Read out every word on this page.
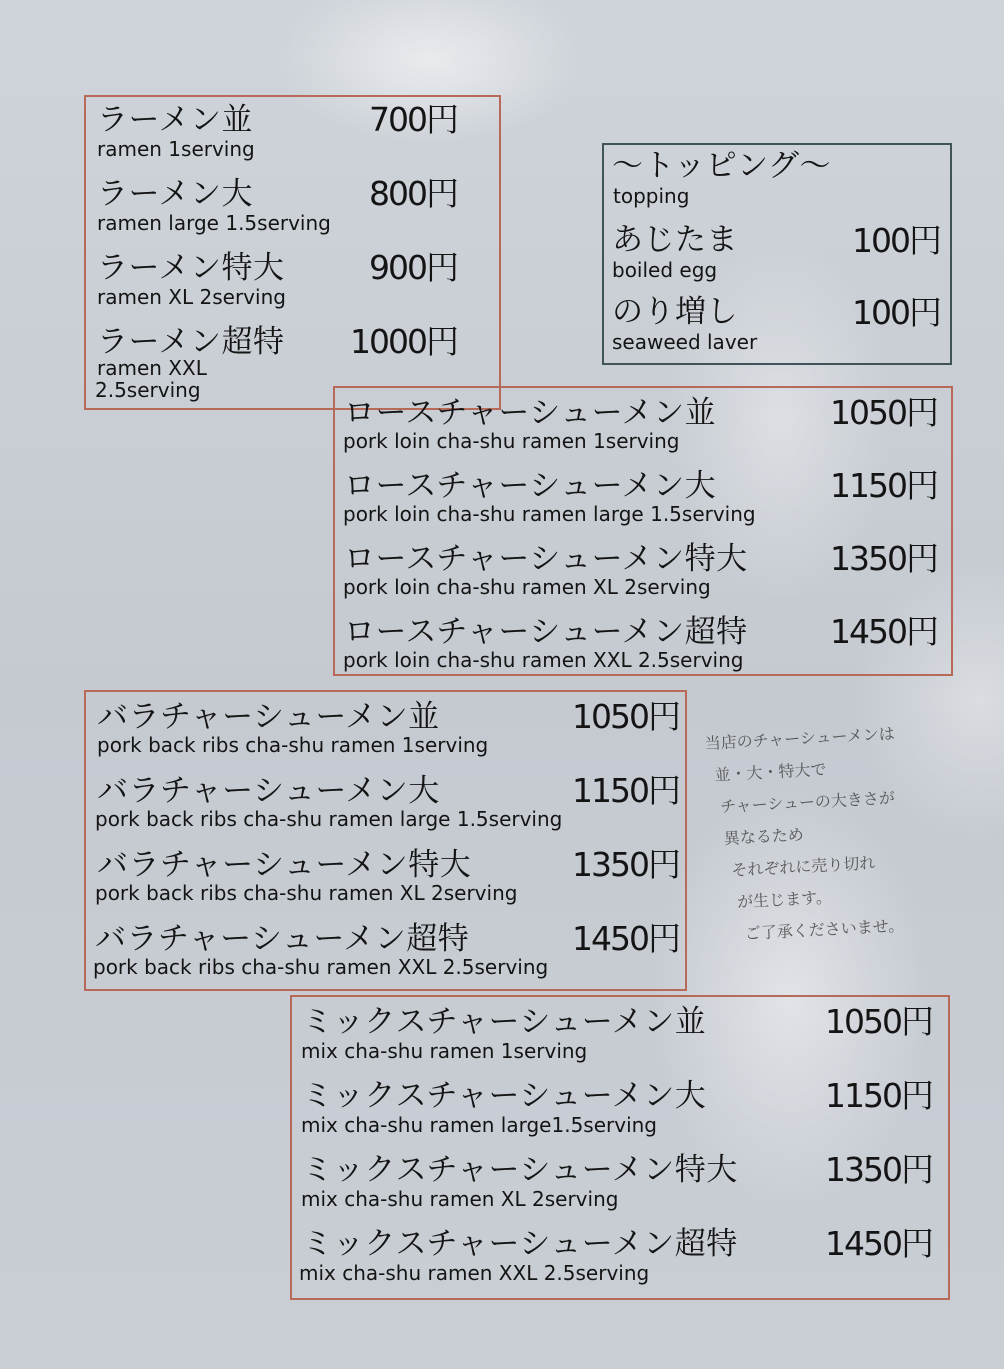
ラーメン並	700円
ramen 1serving
ラーメン大	800円
ramen large 1.5serving
ラーメン特大	900円
ramen XL 2serving
ラーメン超特 1000円
ramen XXL
2.5serving
～トッピング～
topping
あじたま	100円
boiled egg
のり増し	100円
seaweed laver
ロースチャーシューメン並	1050円
pork loin cha-shu ramen 1serving
ロースチャーシューメン大	1150円
pork loin cha-shu ramen large 1.5serving
ロースチャーシューメン特大 1350円
pork loin cha-shu ramen XL 2serving
ロースチャーシューメン超特 1450円
pork loin cha-shu ramen XXL 2.5serving
バラチャーシューメン並	1050円
pork back ribs cha-shu ramen 1serving
バラチャーシューメン大	1150円
pork back ribs cha-shu ramen large 1.5serving
バラチャーシューメン特大	1350円
pork back ribs cha-shu ramen XL 2serving
バラチャーシューメン超特	1450円
pork back ribs cha-shu ramen XXL 2.5serving
当店のチャーシューメンは
並・大・特大で
チャーシューの大きさが
異なるため
それぞれに売り切れ
が生じます。
ご了承くださいませ。
ミックスチャーシューメン並	1050円
mix cha-shu ramen 1serving
ミックスチャーシューメン大	1150円
mix cha-shu ramen large1.5serving
ミックスチャーシューメン特大	1350円
mix cha-shu ramen XL 2serving
ミックスチャーシューメン超特	1450円
mix cha-shu ramen XXL 2.5serving
